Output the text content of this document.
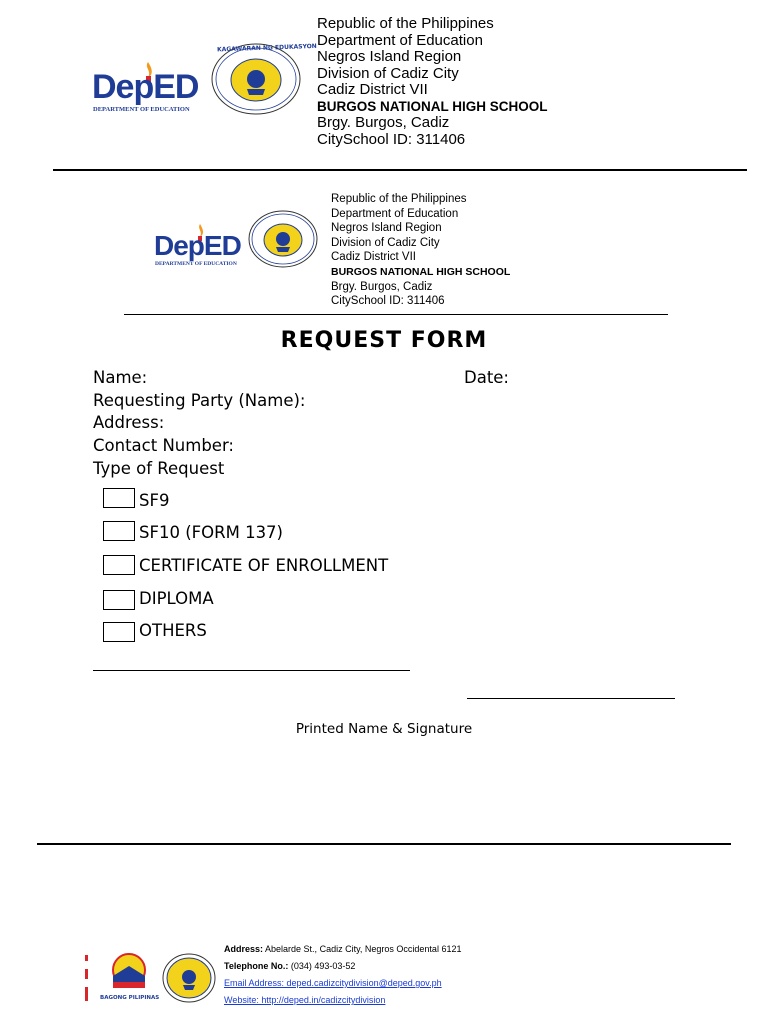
DepED
DEPARTMENT OF EDUCATION
KAGAWARAN NG EDUKASYON
Republic of the Philippines
Department of Education
Negros Island Region
Division of Cadiz City
Cadiz District VII
BURGOS NATIONAL HIGH SCHOOL
Brgy. Burgos, Cadiz
CitySchool ID: 311406
DepED
DEPARTMENT OF EDUCATION
Republic of the Philippines
Department of Education
Negros Island Region
Division of Cadiz City
Cadiz District VII
BURGOS NATIONAL HIGH SCHOOL
Brgy. Burgos, Cadiz
CitySchool ID: 311406
REQUEST FORM
Name:	Date:
Requesting Party (Name):
Address:
Contact Number:
Type of Request
SF9
SF10 (FORM 137)
CERTIFICATE OF ENROLLMENT
DIPLOMA
OTHERS
Printed Name & Signature
BAGONG PILIPINAS
Address: Abelarde St., Cadiz City, Negros Occidental 6121
Telephone No.: (034) 493-03-52
Email Address: deped.cadizcitydivision@deped.gov.ph
Website: http://deped.in/cadizcitydivision
